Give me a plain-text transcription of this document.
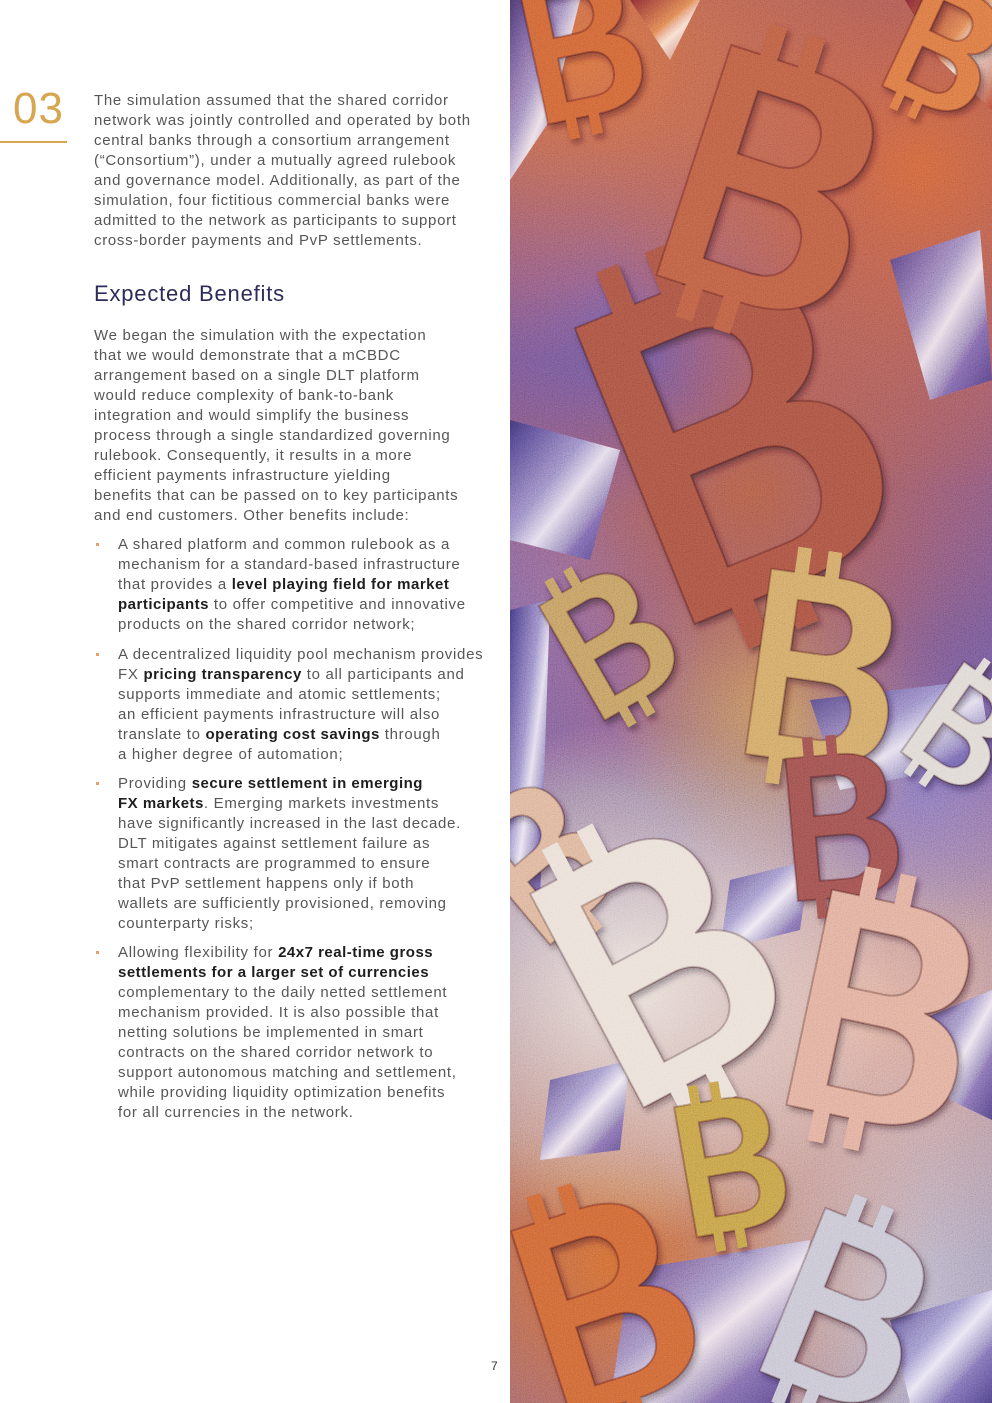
03 The simulation assumed that the shared corridor
network was jointly controlled and operated by both
central banks through a consortium arrangement
(“Consortium”), under a mutually agreed rulebook
and governance model. Additionally, as part of the
simulation, four fictitious commercial banks were
admitted to the network as participants to support
cross-border payments and PvP settlements.
Expected Benefits
We began the simulation with the expectation
that we would demonstrate that a mCBDC
arrangement based on a single DLT platform
would reduce complexity of bank-to-bank
integration and would simplify the business
process through a single standardized governing
rulebook. Consequently, it results in a more
efficient payments infrastructure yielding
benefits that can be passed on to key participants
and end customers. Other benefits include:
A shared platform and common rulebook as a
mechanism for a standard-based infrastructure
that provides a level playing field for market
participants to offer competitive and innovative
products on the shared corridor network;
A decentralized liquidity pool mechanism provides
FX pricing transparency to all participants and
supports immediate and atomic settlements;
an efficient payments infrastructure will also
translate to operating cost savings through
a higher degree of automation;
Providing secure settlement in emerging
FX markets. Emerging markets investments
have significantly increased in the last decade.
DLT mitigates against settlement failure as
smart contracts are programmed to ensure
that PvP settlement happens only if both
wallets are sufficiently provisioned, removing
counterparty risks;
Allowing flexibility for 24x7 real-time gross
settlements for a larger set of currencies
complementary to the daily netted settlement
mechanism provided. It is also possible that
netting solutions be implemented in smart
contracts on the shared corridor network to
support autonomous matching and settlement,
while providing liquidity optimization benefits
for all currencies in the network.
7
